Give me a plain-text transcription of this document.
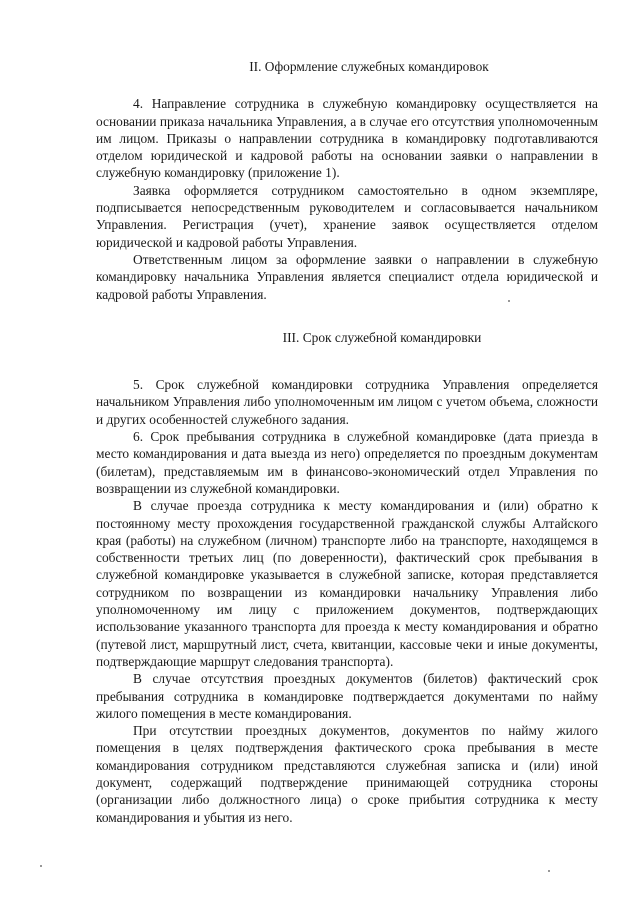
II. Оформление служебных командировок

4. Направление сотрудника в служебную командировку осуществляется на основании приказа начальника Управления, а в случае его отсутствия уполномоченным им лицом. Приказы о направлении сотрудника в командировку подготавливаются отделом юридической и кадровой работы на основании заявки о направлении в служебную командировку (приложение 1).

Заявка оформляется сотрудником самостоятельно в одном экземпляре, подписывается непосредственным руководителем и согласовывается начальником Управления. Регистрация (учет), хранение заявок осуществляется отделом юридической и кадровой работы Управления.

Ответственным лицом за оформление заявки о направлении в служебную командировку начальника Управления является специалист отдела юридической и кадровой работы Управления.

III. Срок служебной командировки

5. Срок служебной командировки сотрудника Управления определяется начальником Управления либо уполномоченным им лицом с учетом объема, сложности и других особенностей служебного задания.

6. Срок пребывания сотрудника в служебной командировке (дата приезда в место командирования и дата выезда из него) определяется по проездным документам (билетам), представляемым им в финансово-экономический отдел Управления по возвращении из служебной командировки.

В случае проезда сотрудника к месту командирования и (или) обратно к постоянному месту прохождения государственной гражданской службы Алтайского края (работы) на служебном (личном) транспорте либо на транспорте, находящемся в собственности третьих лиц (по доверенности), фактический срок пребывания в служебной командировке указывается в служебной записке, которая представляется сотрудником по возвращении из командировки начальнику Управления либо уполномоченному им лицу с приложением документов, подтверждающих использование указанного транспорта для проезда к месту командирования и обратно (путевой лист, маршрутный лист, счета, квитанции, кассовые чеки и иные документы, подтверждающие маршрут следования транспорта).

В случае отсутствия проездных документов (билетов) фактический срок пребывания сотрудника в командировке подтверждается документами по найму жилого помещения в месте командирования.

При отсутствии проездных документов, документов по найму жилого помещения в целях подтверждения фактического срока пребывания в месте командирования сотрудником представляются служебная записка и (или) иной документ, содержащий подтверждение принимающей сотрудника стороны (организации либо должностного лица) о сроке прибытия сотрудника к месту командирования и убытия из него.
